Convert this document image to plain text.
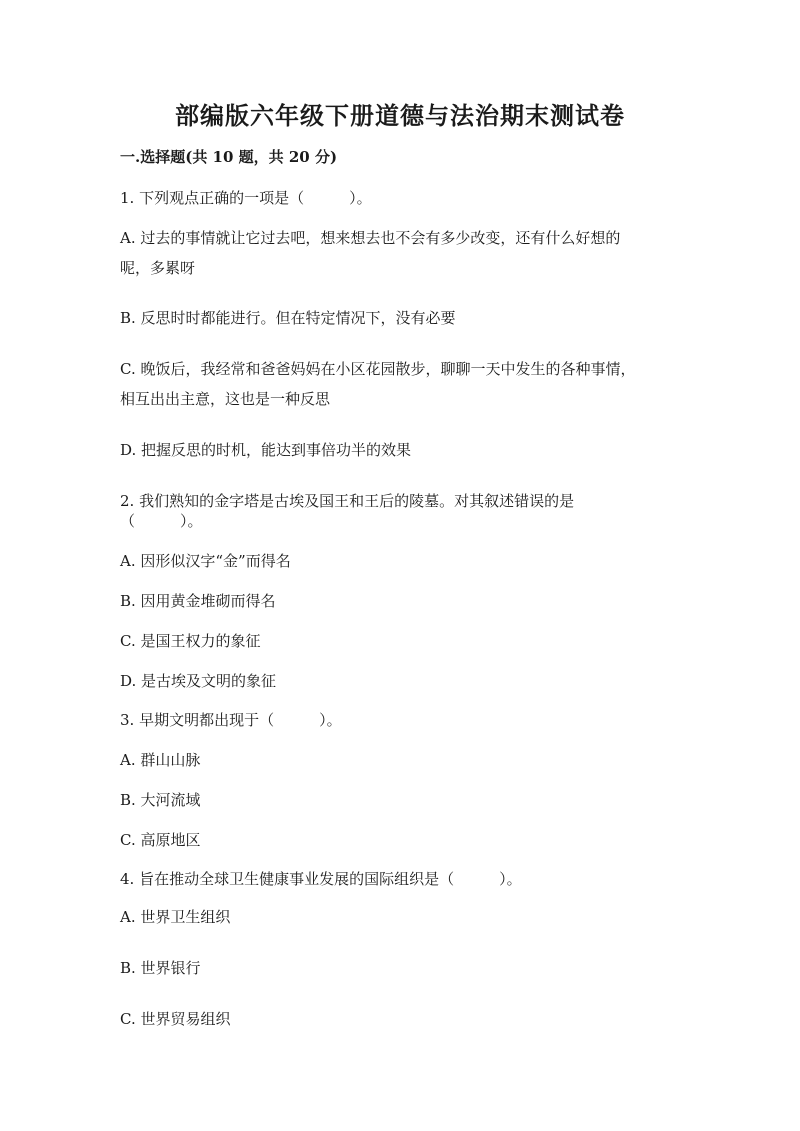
部编版六年级下册道德与法治期末测试卷
一.选择题(共 10 题，共 20 分)
1. 下列观点正确的一项是（　　　）。
A. 过去的事情就让它过去吧，想来想去也不会有多少改变，还有什么好想的
呢，多累呀
B. 反思时时都能进行。但在特定情况下，没有必要
C. 晚饭后，我经常和爸爸妈妈在小区花园散步，聊聊一天中发生的各种事情，
相互出出主意，这也是一种反思
D. 把握反思的时机，能达到事倍功半的效果
2. 我们熟知的金字塔是古埃及国王和王后的陵墓。对其叙述错误的是
（　　　）。
A. 因形似汉字“金”而得名
B. 因用黄金堆砌而得名
C. 是国王权力的象征
D. 是古埃及文明的象征
3. 早期文明都出现于（　　　）。
A. 群山山脉
B. 大河流域
C. 高原地区
4. 旨在推动全球卫生健康事业发展的国际组织是（　　　）。
A. 世界卫生组织
B. 世界银行
C. 世界贸易组织
